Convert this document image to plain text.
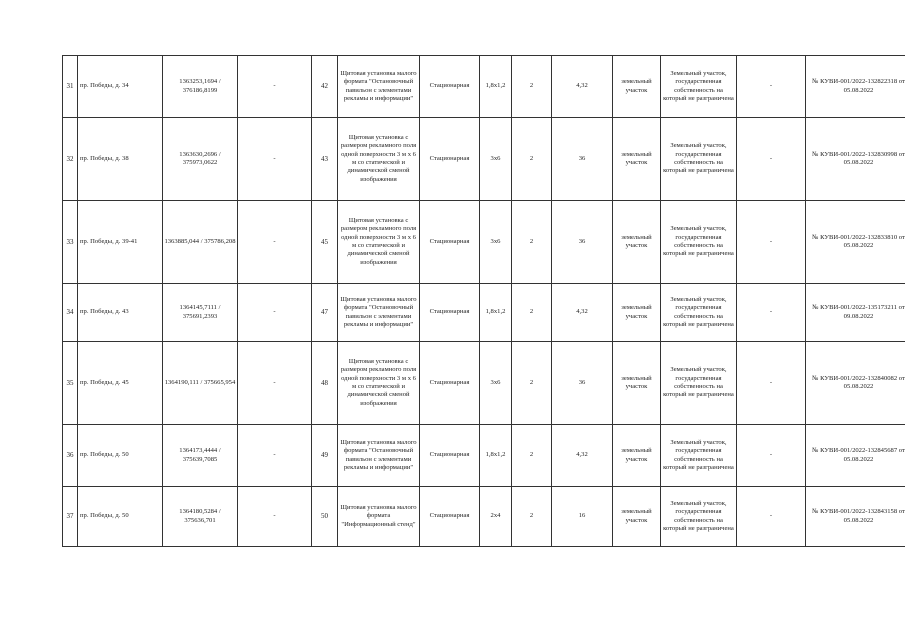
31	пр. Победы, д. 34	1363253,1694 / 376186,8199	-	42	Щитовая установка малого формата "Остановочный павильон с элементами рекламы и информации"	Стационарная	1,8х1,2	2	4,32	земельный участок	Земельный участок, государственная собственность на который не разграничена	-	№ КУВИ-001/2022-132822318 от 05.08.2022
32	пр. Победы, д. 38	1363630,2696 / 375973,0622	-	43	Щитовая установка с размером рекламного поля одной поверхности 3 м х 6 м со статической и динамической сменой изображения	Стационарная	3х6	2	36	земельный участок	Земельный участок, государственная собственность на который не разграничена	-	№ КУВИ-001/2022-132830998 от 05.08.2022
33	пр. Победы, д. 39-41	1363885,044 / 375786,208	-	45	Щитовая установка с размером рекламного поля одной поверхности 3 м х 6 м со статической и динамической сменой изображения	Стационарная	3х6	2	36	земельный участок	Земельный участок, государственная собственность на который не разграничена	-	№ КУВИ-001/2022-132833810 от 05.08.2022
34	пр. Победы, д. 43	1364145,7111 / 375691,2393	-	47	Щитовая установка малого формата "Остановочный павильон с элементами рекламы и информации"	Стационарная	1,8х1,2	2	4,32	земельный участок	Земельный участок, государственная собственность на который не разграничена	-	№ КУВИ-001/2022-135173211 от 09.08.2022
35	пр. Победы, д. 45	1364190,111 / 375665,954	-	48	Щитовая установка с размером рекламного поля одной поверхности 3 м х 6 м со статической и динамической сменой изображения	Стационарная	3х6	2	36	земельный участок	Земельный участок, государственная собственность на который не разграничена	-	№ КУВИ-001/2022-132840082 от 05.08.2022
36	пр. Победы, д. 50	1364173,4444 / 375639,7085	-	49	Щитовая установка малого формата "Остановочный павильон с элементами рекламы и информации"	Стационарная	1,8х1,2	2	4,32	земельный участок	Земельный участок, государственная собственность на который не разграничена	-	№ КУВИ-001/2022-132845687 от 05.08.2022
37	пр. Победы, д. 50	1364180,5284 / 375636,701	-	50	Щитовая установка малого формата "Информационный стенд"	Стационарная	2х4	2	16	земельный участок	Земельный участок, государственная собственность на который не разграничена	-	№ КУВИ-001/2022-132843158 от 05.08.2022
